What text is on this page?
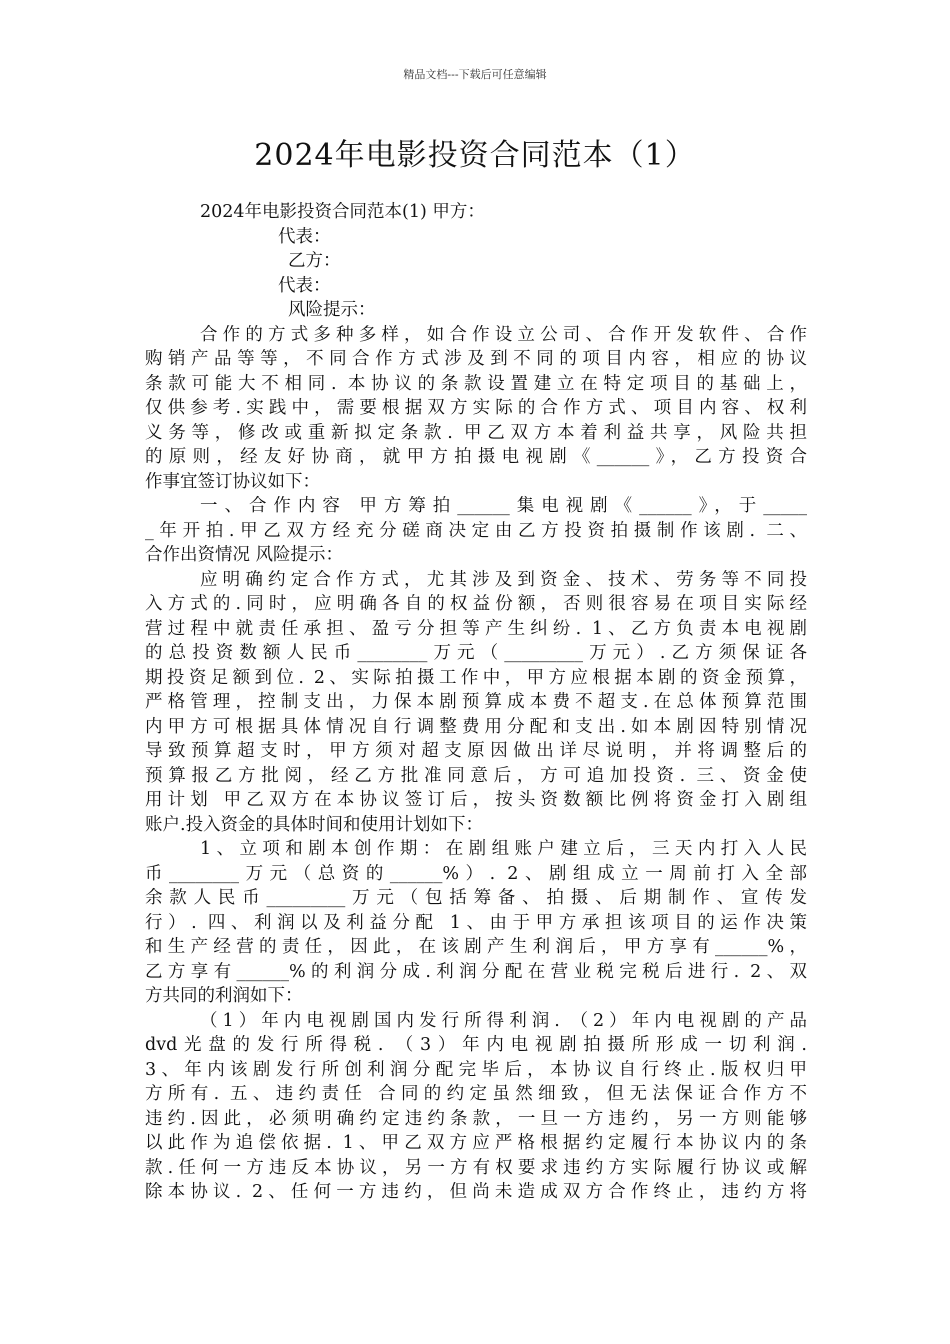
精品文档---下载后可任意编辑
2024年电影投资合同范本（1）
2024年电影投资合同范本(1) 甲方：
代表：
乙方：
代表：
风险提示：
合作的方式多种多样，如合作设立公司、合作开发软件、合作
购销产品等等，不同合作方式涉及到不同的项目内容，相应的协议
条款可能大不相同. 本协议的条款设置建立在特定项目的基础上，
仅供参考.实践中，需要根据双方实际的合作方式、项目内容、权利
义务等，修改或重新拟定条款. 甲乙双方本着利益共享，风险共担
的原则，经友好协商，就甲方拍摄电视剧《______》，乙方投资合
作事宜签订协议如下：
一、合作内容 甲方筹拍______集电视剧《______》，于_____
_年开拍.甲乙双方经充分磋商决定由乙方投资拍摄制作该剧. 二、
合作出资情况 风险提示：
应明确约定合作方式，尤其涉及到资金、技术、劳务等不同投
入方式的.同时，应明确各自的权益份额，否则很容易在项目实际经
营过程中就责任承担、盈亏分担等产生纠纷. 1、乙方负责本电视剧
的总投资数额人民币________万元（_________万元）.乙方须保证各
期投资足额到位. 2、实际拍摄工作中，甲方应根据本剧的资金预算，
严格管理，控制支出，力保本剧预算成本费不超支.在总体预算范围
内甲方可根据具体情况自行调整费用分配和支出.如本剧因特别情况
导致预算超支时，甲方须对超支原因做出详尽说明，并将调整后的
预算报乙方批阅，经乙方批准同意后，方可追加投资. 三、资金使
用计划 甲乙双方在本协议签订后，按头资数额比例将资金打入剧组
账户.投入资金的具体时间和使用计划如下：
1、立项和剧本创作期：在剧组账户建立后，三天内打入人民
币________万元（总资的______%）. 2、剧组成立一周前打入全部
余款人民币_________万元（包括筹备、拍摄、后期制作、宣传发
行）. 四、利润以及利益分配 1、由于甲方承担该项目的运作决策
和生产经营的责任，因此，在该剧产生利润后，甲方享有______%，
乙方享有______%的利润分成.利润分配在营业税完税后进行. 2、双
方共同的利润如下：
（1）年内电视剧国内发行所得利润. （2）年内电视剧的产品
dvd光盘的发行所得税. （3）年内电视剧拍摄所形成一切利润.
3、年内该剧发行所创利润分配完毕后，本协议自行终止.版权归甲
方所有. 五、违约责任 合同的约定虽然细致，但无法保证合作方不
违约.因此，必须明确约定违约条款，一旦一方违约，另一方则能够
以此作为追偿依据. 1、甲乙双方应严格根据约定履行本协议内的条
款.任何一方违反本协议，另一方有权要求违约方实际履行协议或解
除本协议. 2、任何一方违约，但尚未造成双方合作终止，违约方将
